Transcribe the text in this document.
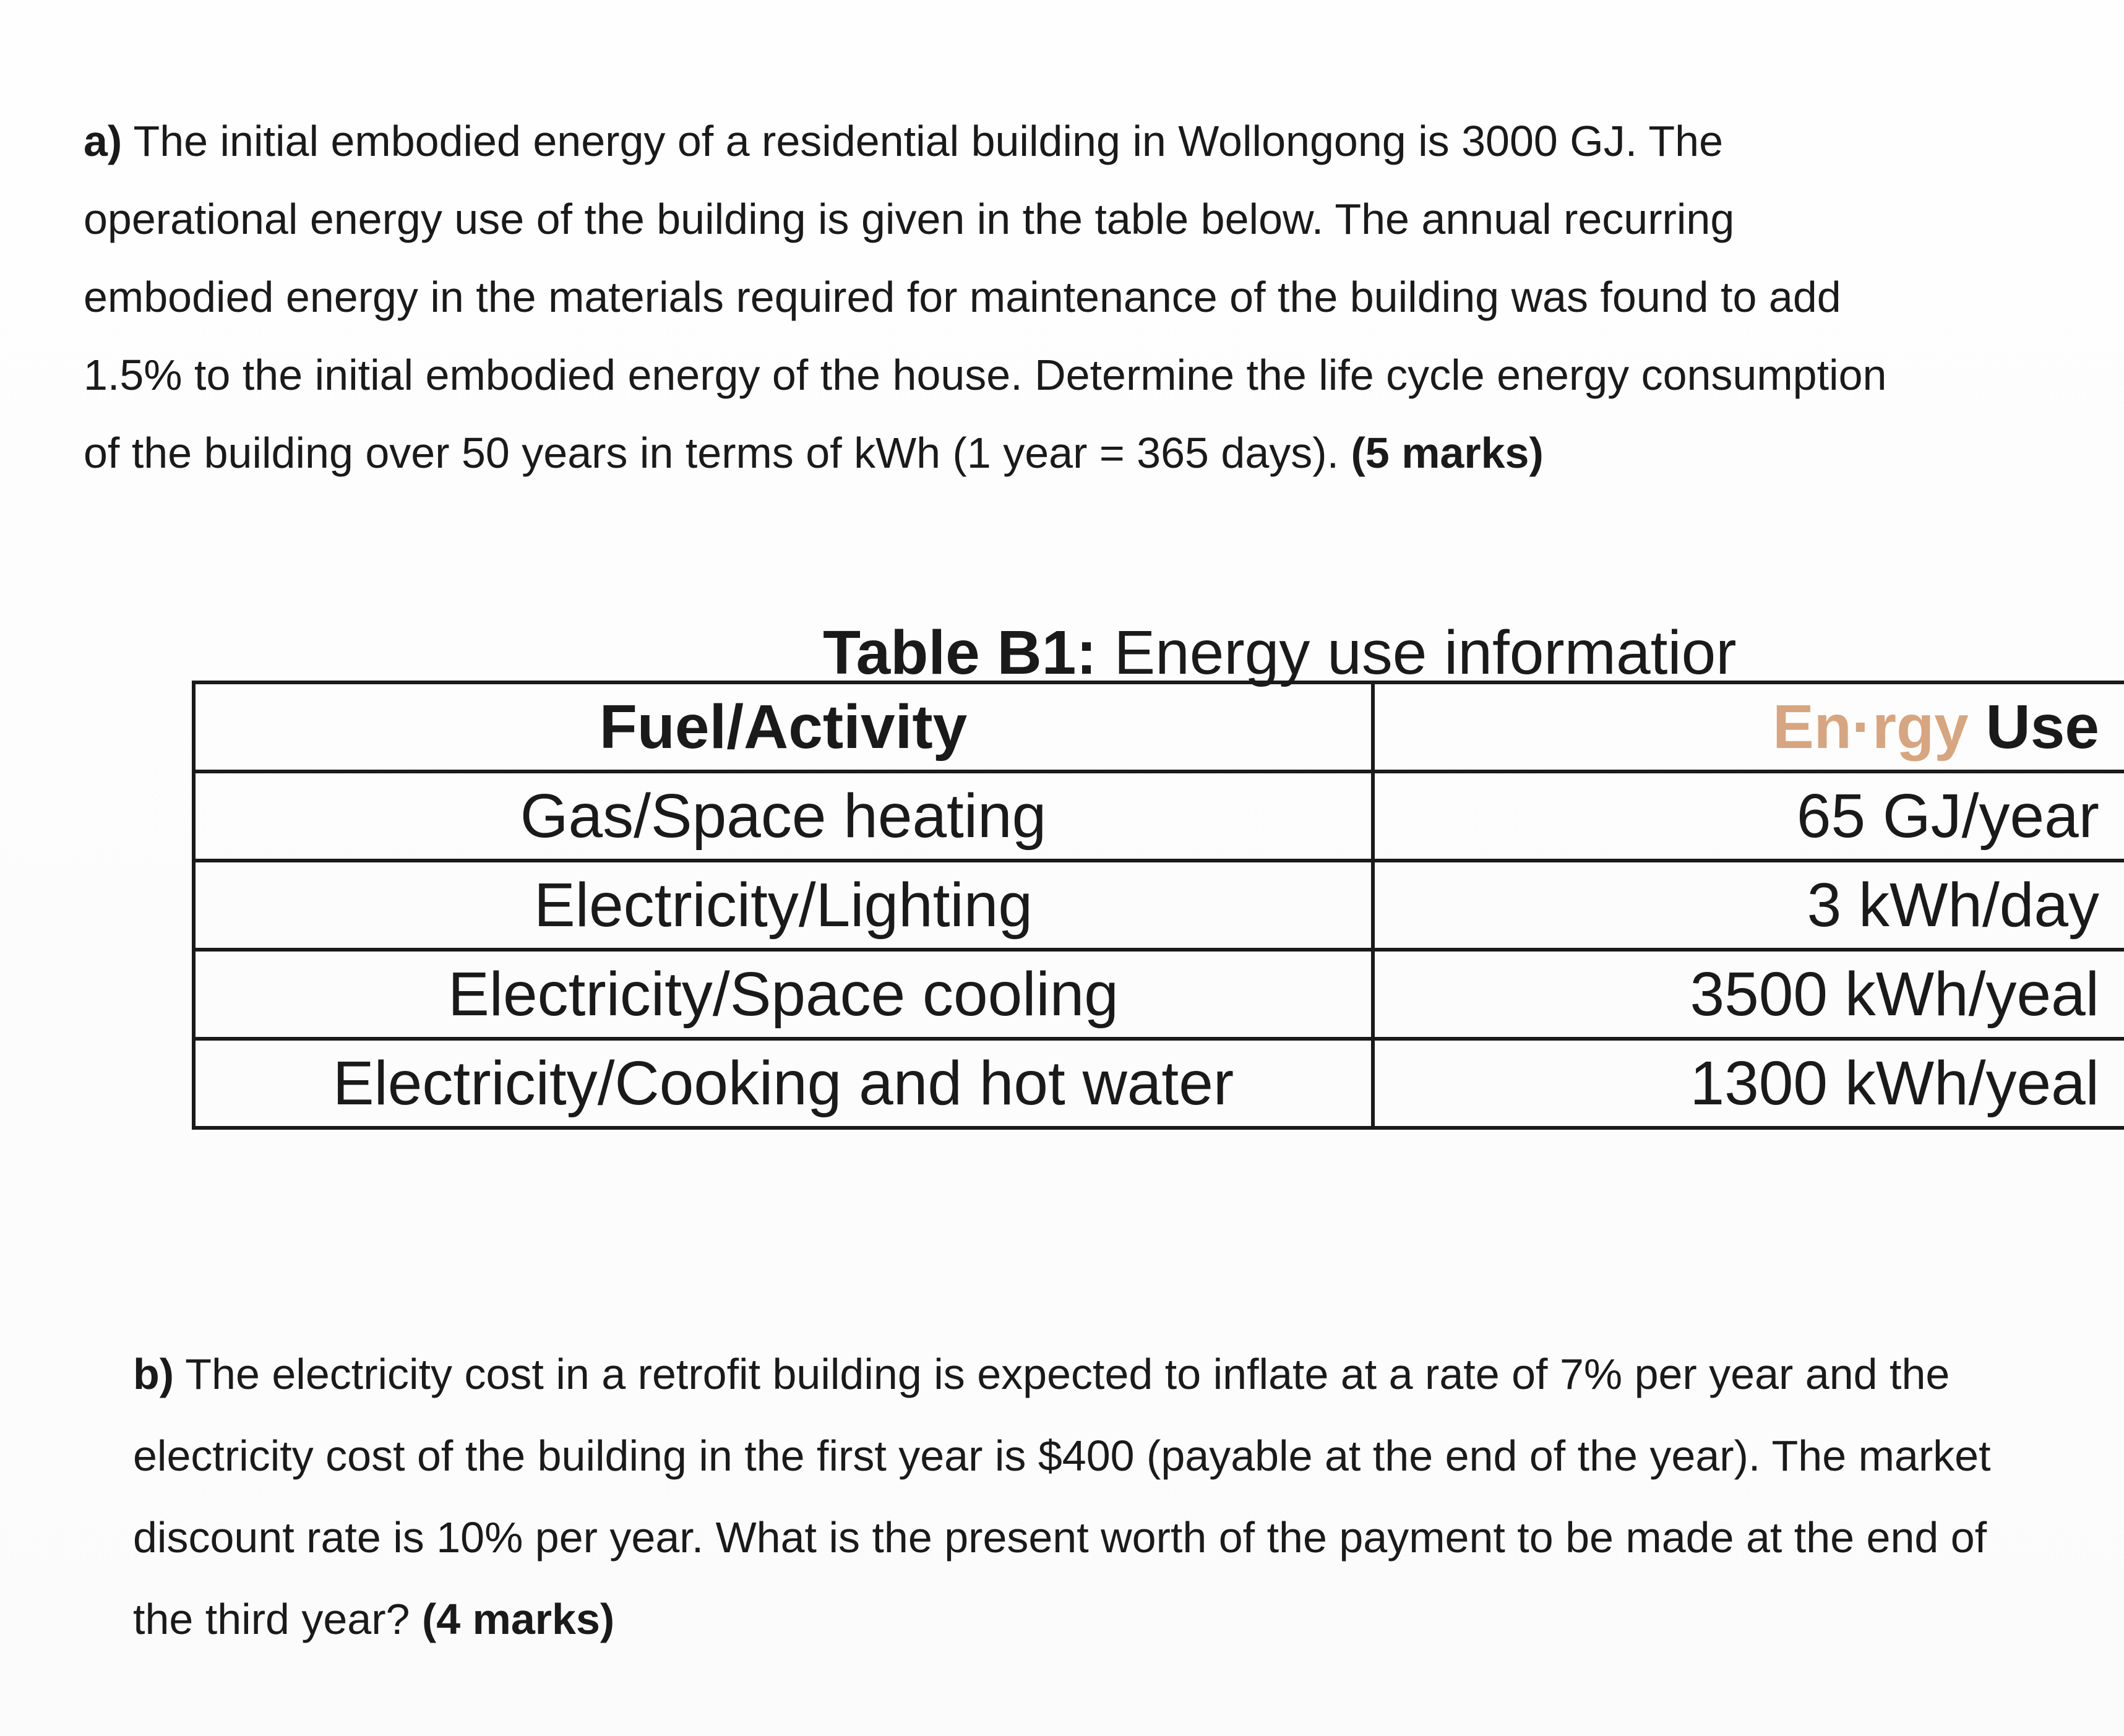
a) The initial embodied energy of a residential building in Wollongong is 3000 GJ. The operational energy use of the building is given in the table below. The annual recurring embodied energy in the materials required for maintenance of the building was found to add 1.5% to the initial embodied energy of the house. Determine the life cycle energy consumption of the building over 50 years in terms of kWh (1 year = 365 days). (5 marks)

Table B1: Energy use informatior
Fuel/Activity	En·rgy Use
Gas/Space heating	65 GJ/year
Electricity/Lighting	3 kWh/day
Electricity/Space cooling	3500 kWh/yeal
Electricity/Cooking and hot water	1300 kWh/yeal

b) The electricity cost in a retrofit building is expected to inflate at a rate of 7% per year and the electricity cost of the building in the first year is $400 (payable at the end of the year). The market discount rate is 10% per year. What is the present worth of the payment to be made at the end of the third year? (4 marks)
